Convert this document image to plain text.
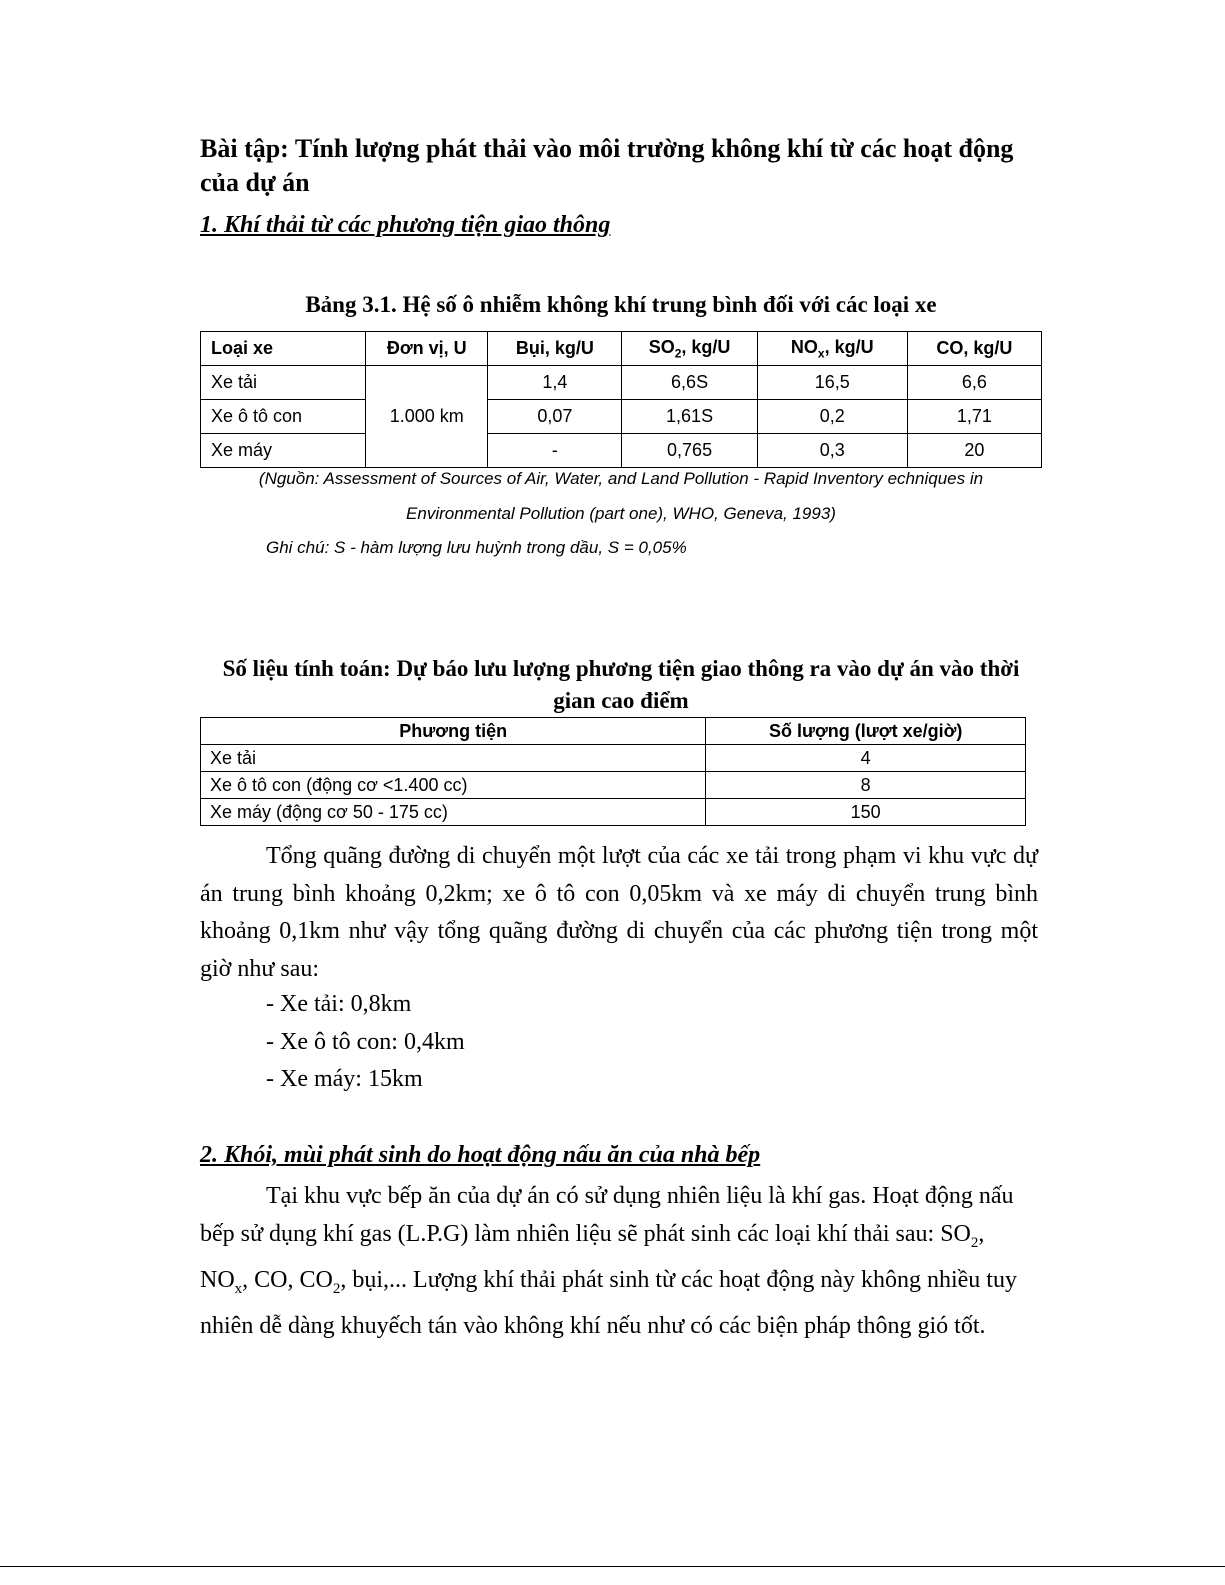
Bài tập: Tính lượng phát thải vào môi trường không khí từ các hoạt động của dự án
1. Khí thải từ các phương tiện giao thông
Bảng 3.1. Hệ số ô nhiễm không khí trung bình đối với các loại xe
Loại xe	Đơn vị, U	Bụi, kg/U	$SO_2$, kg/U	$NO_x$, kg/U	CO, kg/U
Xe tải	1.000 km	1,4	6,6S	16,5	6,6
Xe ô tô con		0,07	1,61S	0,2	1,71
Xe máy		-	0,765	0,3	20
(Nguồn: Assessment of Sources of Air, Water, and Land Pollution - Rapid Inventory echniques in
Environmental Pollution (part one), WHO, Geneva, 1993)
Ghi chú: S - hàm lượng lưu huỳnh trong dầu, S = 0,05%
Số liệu tính toán: Dự báo lưu lượng phương tiện giao thông ra vào dự án vào thời gian cao điểm
Phương tiện	Số lượng (lượt xe/giờ)
Xe tải	4
Xe ô tô con (động cơ <1.400 cc)	8
Xe máy (động cơ 50 - 175 cc)	150

Tổng quãng đường di chuyển một lượt của các xe tải trong phạm vi khu vực dự án trung bình khoảng 0,2km; xe ô tô con 0,05km và xe máy di chuyển trung bình khoảng 0,1km như vậy tổng quãng đường di chuyển của các phương tiện trong một giờ như sau:

- Xe tải: 0,8km
- Xe ô tô con: 0,4km
- Xe máy: 15km
2. Khói, mùi phát sinh do hoạt động nấu ăn của nhà bếp

Tại khu vực bếp ăn của dự án có sử dụng nhiên liệu là khí gas. Hoạt động nấu bếp sử dụng khí gas (L.P.G) làm nhiên liệu sẽ phát sinh các loại khí thải sau: $SO_2$, $NO_x$, CO, $CO_2$, bụi,... Lượng khí thải phát sinh từ các hoạt động này không nhiều tuy nhiên dễ dàng khuyếch tán vào không khí nếu như có các biện pháp thông gió tốt.
